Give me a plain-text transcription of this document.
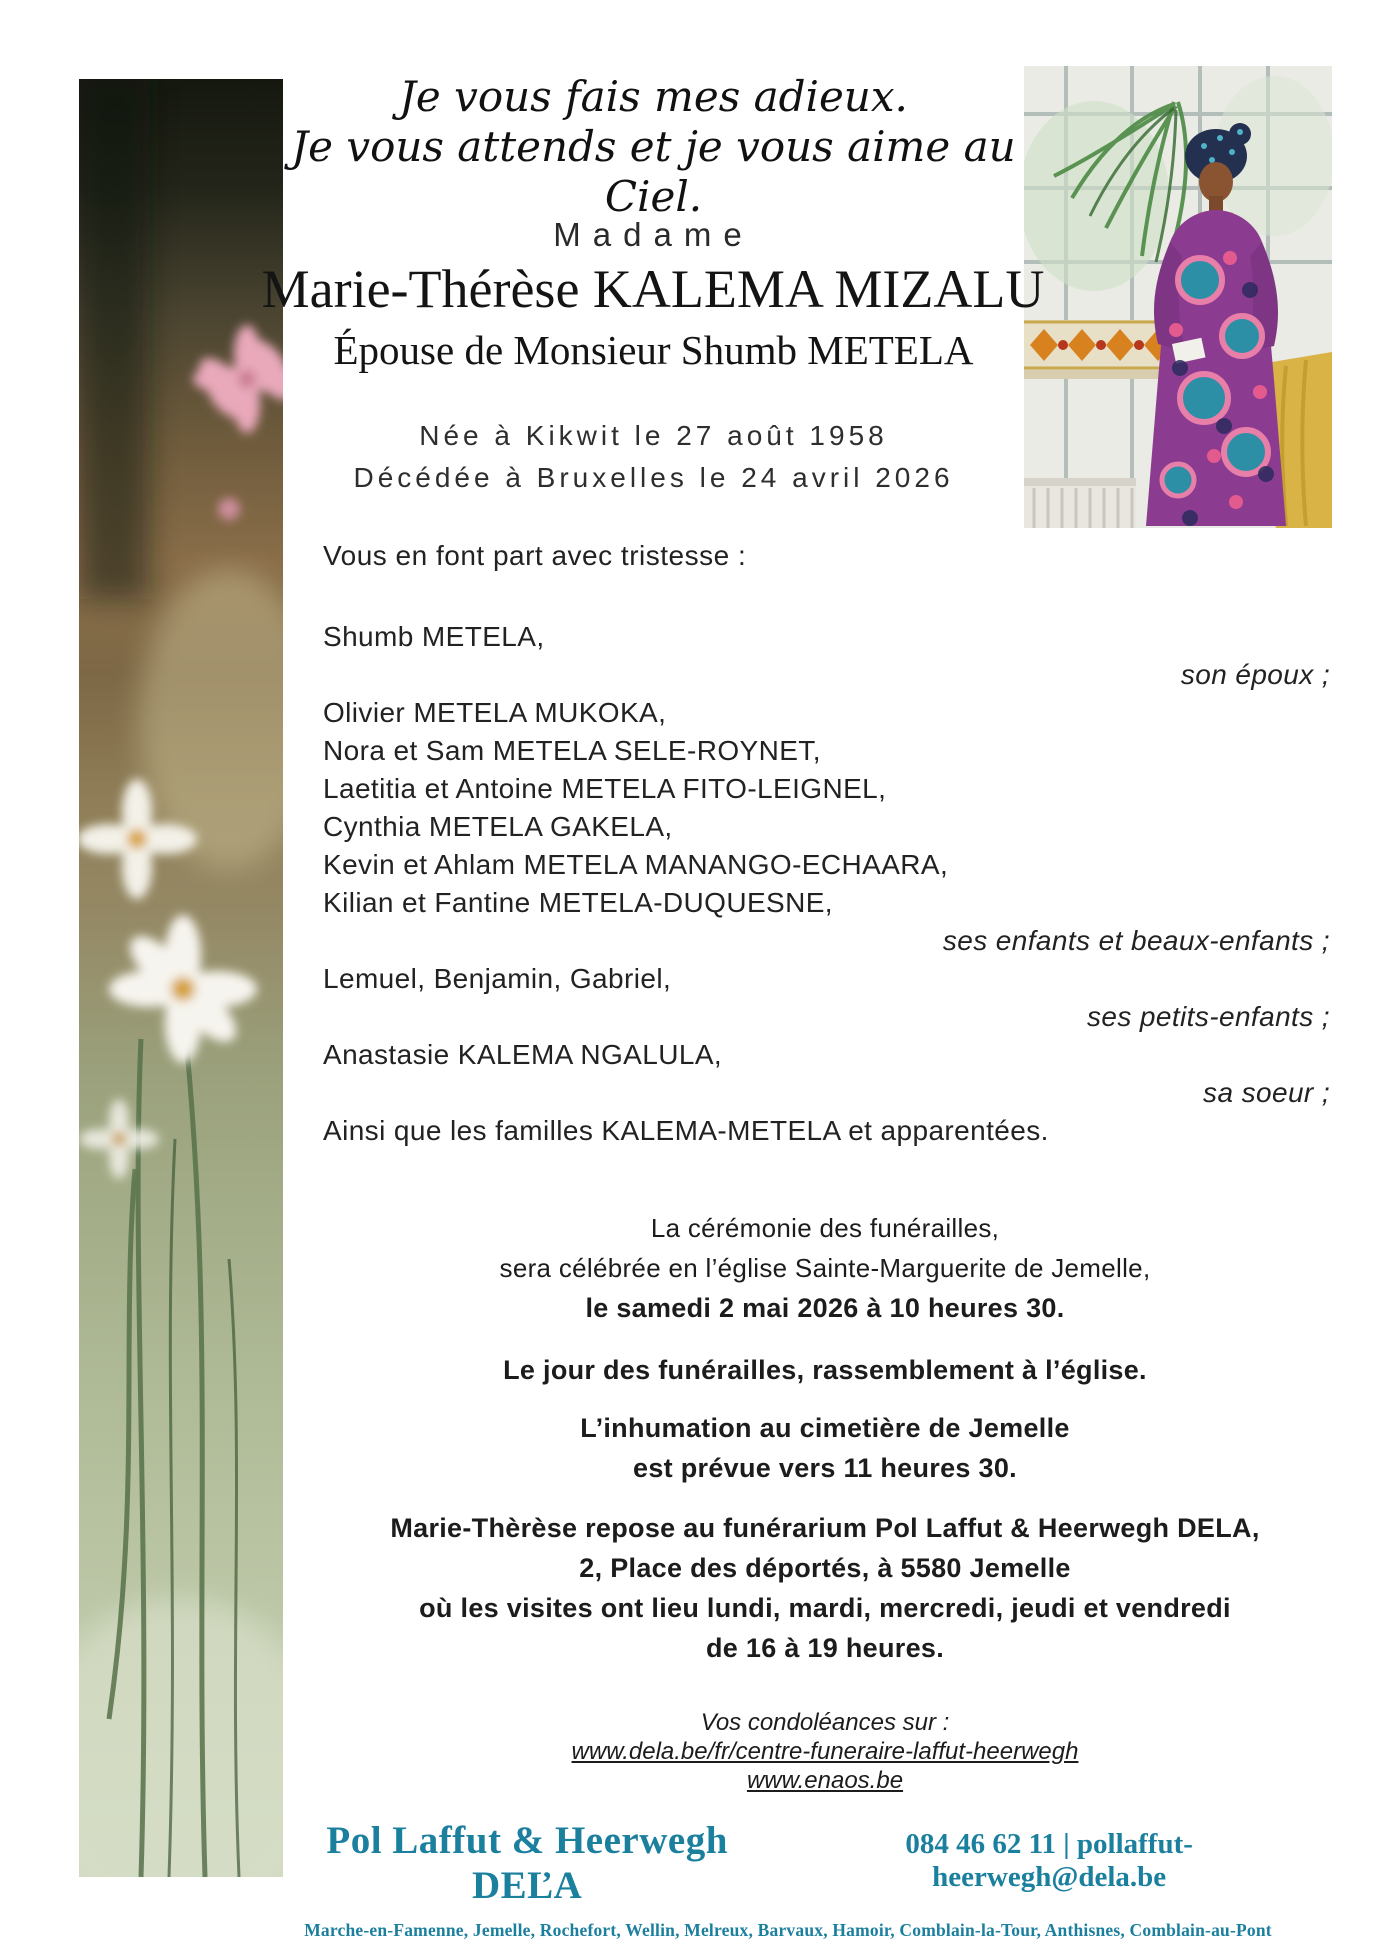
Je vous fais mes adieux.
Je vous attends et je vous aime au Ciel.
Madame
Marie-Thérèse KALEMA MIZALU
Épouse de Monsieur Shumb METELA
Née à Kikwit le 27 août 1958
Décédée à Bruxelles le 24 avril 2026
Vous en font part avec tristesse :
Shumb METELA,
son époux ;
Olivier METELA MUKOKA,
Nora et Sam METELA SELE-ROYNET,
Laetitia et Antoine METELA FITO-LEIGNEL,
Cynthia METELA GAKELA,
Kevin et Ahlam METELA MANANGO-ECHAARA,
Kilian et Fantine METELA-DUQUESNE,
ses enfants et beaux-enfants ;
Lemuel, Benjamin, Gabriel,
ses petits-enfants ;
Anastasie KALEMA NGALULA,
sa soeur ;
Ainsi que les familles KALEMA-METELA et apparentées.
La cérémonie des funérailles,
sera célébrée en l’église Sainte-Marguerite de Jemelle,
le samedi 2 mai 2026 à 10 heures 30.
Le jour des funérailles, rassemblement à l’église.
L’inhumation au cimetière de Jemelle
est prévue vers 11 heures 30.
Marie-Thèrèse repose au funérarium Pol Laffut & Heerwegh DELA,
2, Place des déportés, à 5580 Jemelle
où les visites ont lieu lundi, mardi, mercredi, jeudi et vendredi
de 16 à 19 heures.
Vos condoléances sur :
www.dela.be/fr/centre-funeraire-laffut-heerwegh
www.enaos.be
Pol Laffut & Heerwegh DEĽA
084 46 62 11 | pollaffut-heerwegh@dela.be
Marche-en-Famenne, Jemelle, Rochefort, Wellin, Melreux, Barvaux, Hamoir, Comblain-la-Tour, Anthisnes, Comblain-au-Pont
